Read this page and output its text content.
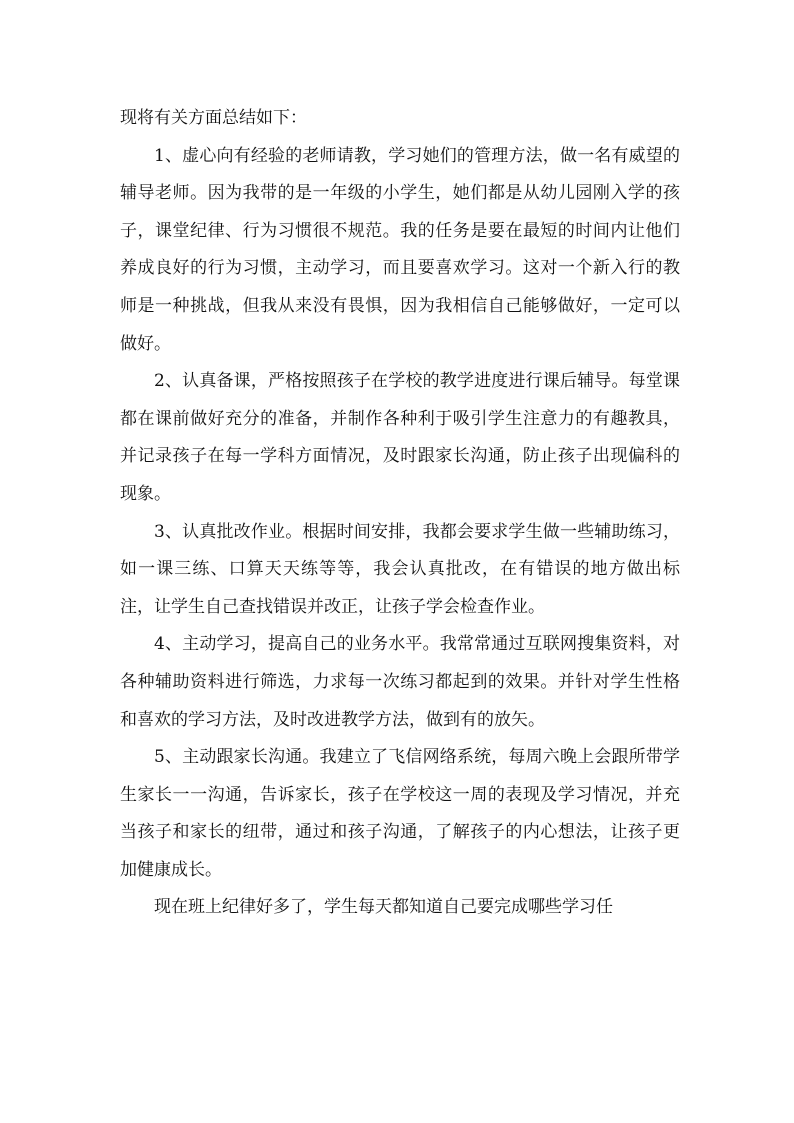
现将有关方面总结如下：

1、虚心向有经验的老师请教，学习她们的管理方法，做一名有威望的辅导老师。因为我带的是一年级的小学生，她们都是从幼儿园刚入学的孩子，课堂纪律、行为习惯很不规范。我的任务是要在最短的时间内让他们养成良好的行为习惯，主动学习，而且要喜欢学习。这对一个新入行的教师是一种挑战，但我从来没有畏惧，因为我相信自己能够做好，一定可以做好。

2、认真备课，严格按照孩子在学校的教学进度进行课后辅导。每堂课都在课前做好充分的准备，并制作各种利于吸引学生注意力的有趣教具，并记录孩子在每一学科方面情况，及时跟家长沟通，防止孩子出现偏科的现象。

3、认真批改作业。根据时间安排，我都会要求学生做一些辅助练习，如一课三练、口算天天练等等，我会认真批改，在有错误的地方做出标注，让学生自己查找错误并改正，让孩子学会检查作业。

4、主动学习，提高自己的业务水平。我常常通过互联网搜集资料，对各种辅助资料进行筛选，力求每一次练习都起到的效果。并针对学生性格和喜欢的学习方法，及时改进教学方法，做到有的放矢。

5、主动跟家长沟通。我建立了飞信网络系统，每周六晚上会跟所带学生家长一一沟通，告诉家长，孩子在学校这一周的表现及学习情况，并充当孩子和家长的纽带，通过和孩子沟通，了解孩子的内心想法，让孩子更加健康成长。

现在班上纪律好多了，学生每天都知道自己要完成哪些学习任
